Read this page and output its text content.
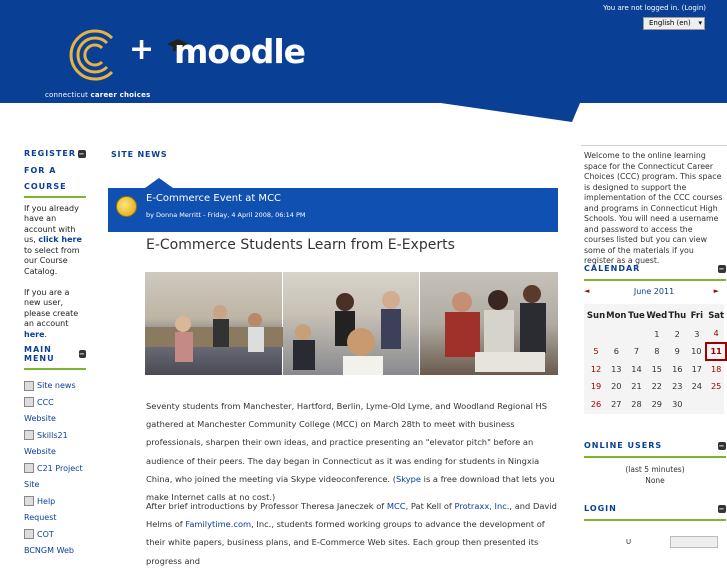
+ moodle
connecticut career choices
You are not logged in. (Login)
English (en) ▾
REGISTER −
FOR A
COURSE
If you already have an account with us, click here to select from our Course Catalog.

If you are a new user, please create an account here.
MAIN MENU	−
Site news
CCC Website
Skills21 Website
C21 Project Site
Help Request
COT BCNGM Web
SITE NEWS
E-Commerce Event at MCC
by Donna Merritt - Friday, 4 April 2008, 06:14 PM
E-Commerce Students Learn from E-Experts
Seventy students from Manchester, Hartford, Berlin, Lyme-Old Lyme, and Woodland Regional HS gathered at Manchester Community College (MCC) on March 28th to meet with business professionals, sharpen their own ideas, and practice presenting an "elevator pitch" before an audience of their peers. The day began in Connecticut as it was ending for students in Ningxia China, who joined the meeting via Skype videoconference. (Skype is a free download that lets you make Internet calls at no cost.)
After brief introductions by Professor Theresa Janeczek of MCC, Pat Kell of Protraxx, Inc., and David Helms of Familytime.com, Inc., students formed working groups to advance the development of their white papers, business plans, and E-Commerce Web sites. Each group then presented its progress and
Welcome to the online learning space for the Connecticut Career Choices (CCC) program. This space is designed to support the implementation of the CCC courses and programs in Connecticut High Schools. You will need a username and password to access the courses listed but you can view some of the materials if you register as a guest.
CALENDAR	−
◄	June 2011	►
Sun	Mon	Tue	Wed	Thu	Fri	Sat
			1	2	3	4
5	6	7	8	9	10	11
12	13	14	15	16	17	18
19	20	21	22	23	24	25
26	27	28	29	30		
ONLINE USERS	−
(last 5 minutes)
None
LOGIN	−
U
